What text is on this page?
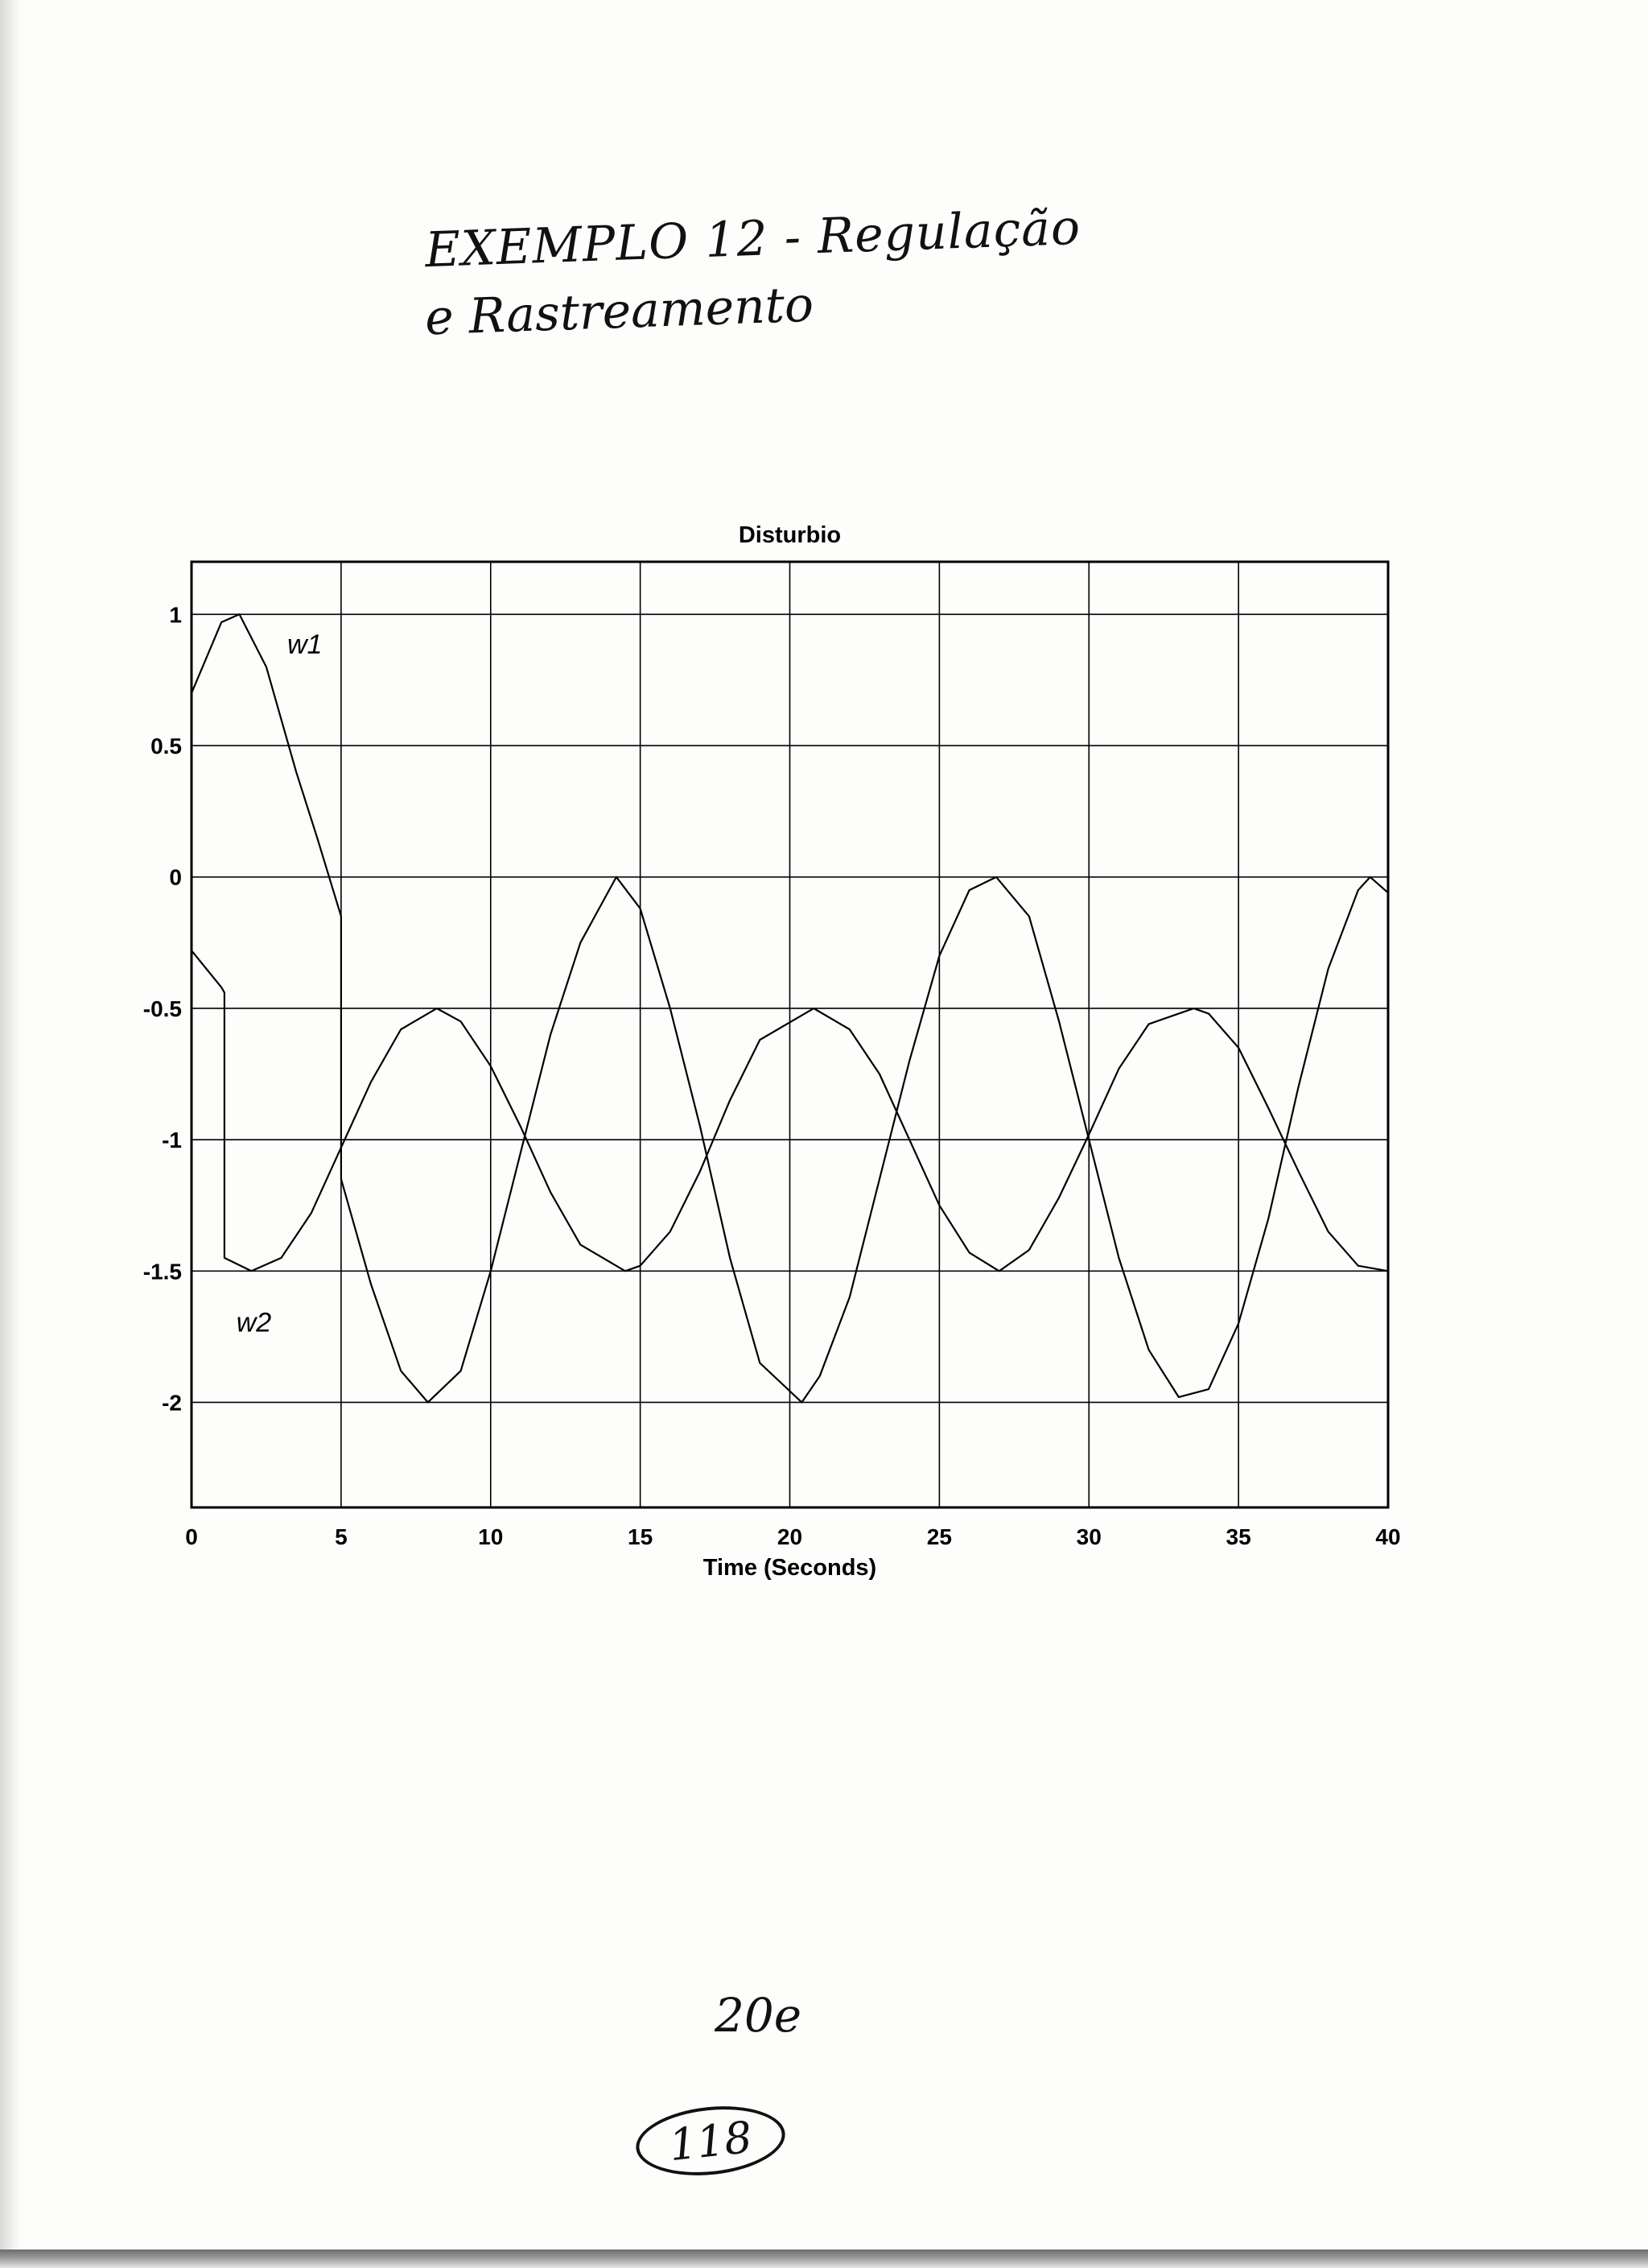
EXEMPLO 12 - Regulação
e Rastreamento
0	5	10	15	20	25	30	35	40
1
0.5
0
-0.5
-1
-1.5
-2
Disturbio
Time (Seconds)
w1
w2
20e
118
